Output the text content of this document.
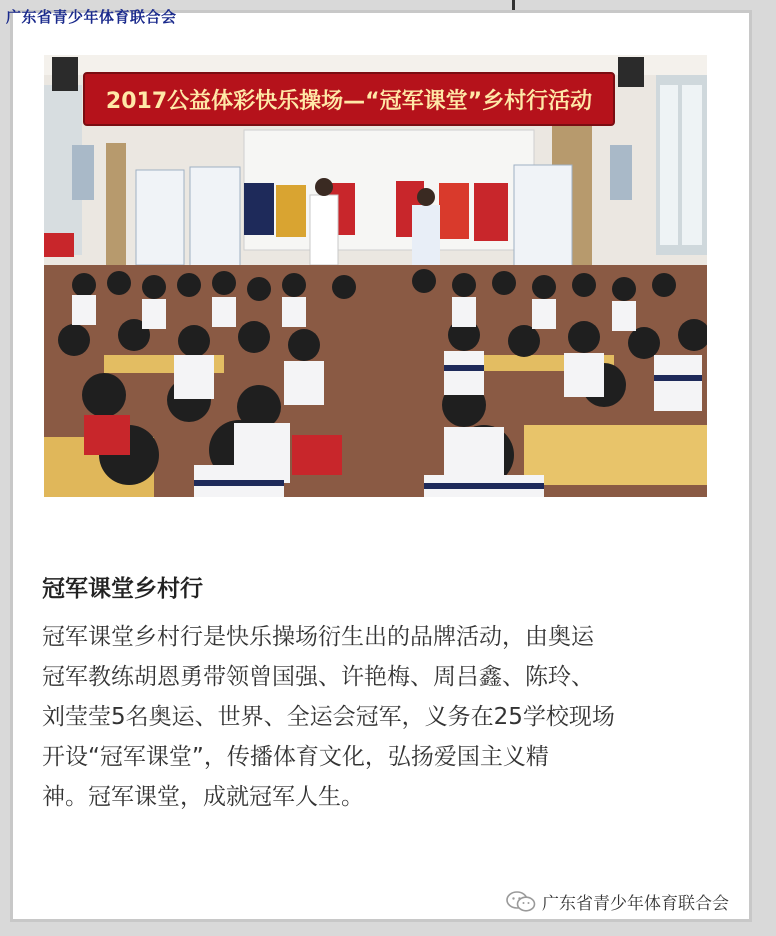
广东省青少年体育联合会
2017公益体彩快乐操场—“冠军课堂”乡村行活动
冠军课堂乡村行
冠军课堂乡村行是快乐操场衍生出的品牌活动，由奥运
冠军教练胡恩勇带领曾国强、许艳梅、周吕鑫、陈玲、
刘莹莹5名奥运、世界、全运会冠军，义务在25学校现场
开设“冠军课堂”，传播体育文化，弘扬爱国主义精
神。冠军课堂，成就冠军人生。
广东省青少年体育联合会
